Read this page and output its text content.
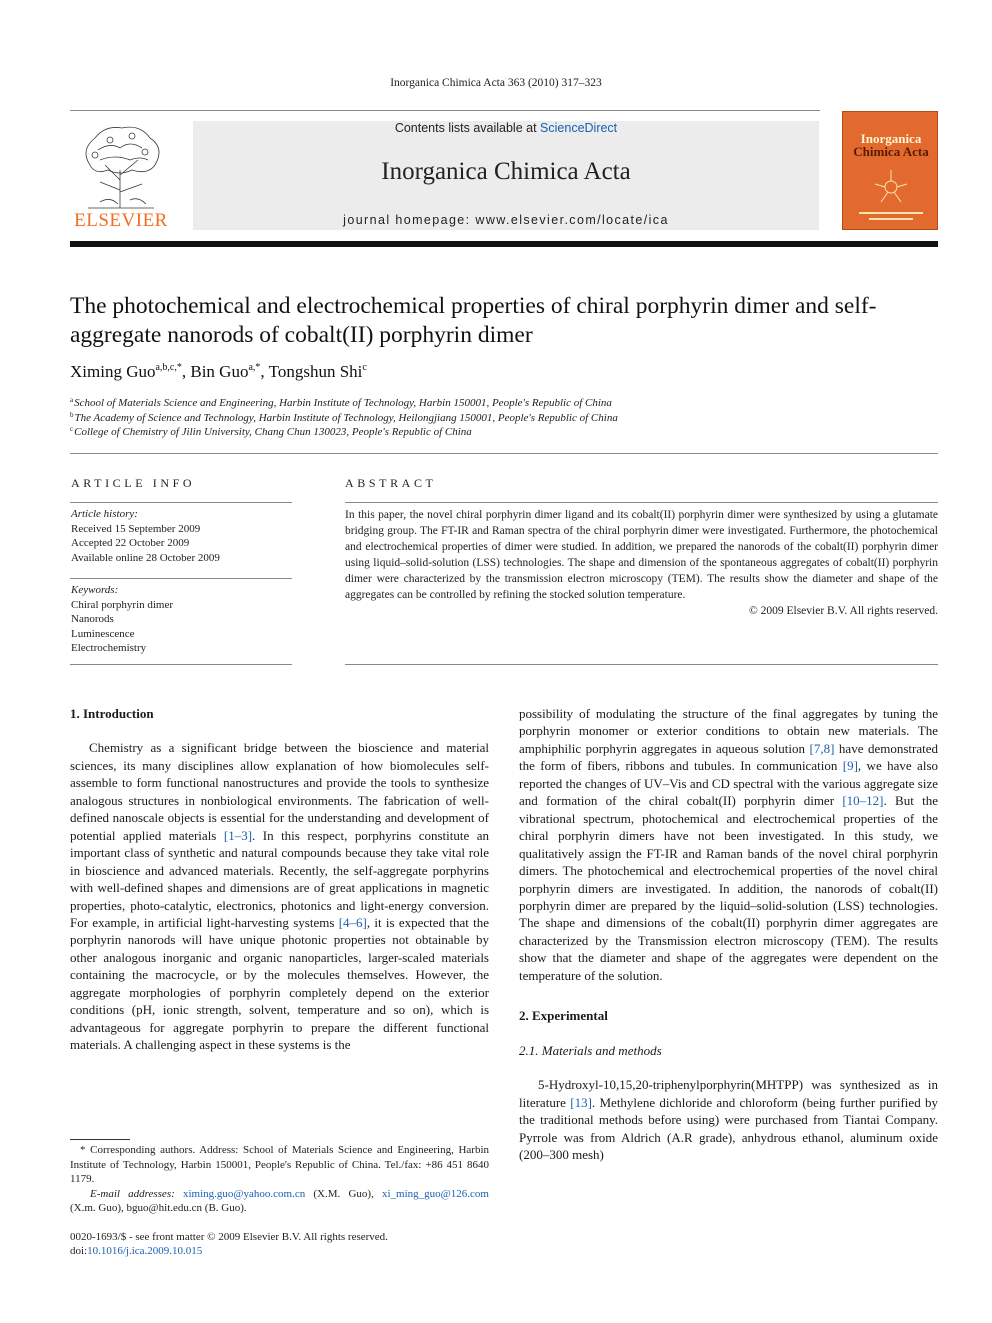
Inorganica Chimica Acta 363 (2010) 317–323
ELSEVIER
Contents lists available at ScienceDirect
Inorganica Chimica Acta
journal homepage: www.elsevier.com/locate/ica
Inorganica
Chimica Acta
The photochemical and electrochemical properties of chiral porphyrin dimer and self-aggregate nanorods of cobalt(II) porphyrin dimer
Ximing Guo$^{a,b,c,*}$, Bin Guo$^{a,*}$, Tongshun Shi$^c$
$^a$School of Materials Science and Engineering, Harbin Institute of Technology, Harbin 150001, People's Republic of China
$^b$The Academy of Science and Technology, Harbin Institute of Technology, Heilongjiang 150001, People's Republic of China
$^c$College of Chemistry of Jilin University, Chang Chun 130023, People's Republic of China
ARTICLE INFO	ABSTRACT
Article history:
Received 15 September 2009
Accepted 22 October 2009
Available online 28 October 2009
Keywords:
Chiral porphyrin dimer
Nanorods
Luminescence
Electrochemistry
In this paper, the novel chiral porphyrin dimer ligand and its cobalt(II) porphyrin dimer were synthesized by using a glutamate bridging group. The FT-IR and Raman spectra of the chiral porphyrin dimer were investigated. Furthermore, the photochemical and electrochemical properties of dimer were studied. In addition, we prepared the nanorods of the cobalt(II) porphyrin dimer using liquid–solid-solution (LSS) technologies. The shape and dimension of the spontaneous aggregates of cobalt(II) porphyrin dimer were characterized by the transmission electron microscopy (TEM). The results show the diameter and shape of the aggregates can be controlled by refining the stocked solution temperature.
© 2009 Elsevier B.V. All rights reserved.
1. Introduction

Chemistry as a significant bridge between the bioscience and material sciences, its many disciplines allow explanation of how biomolecules self-assemble to form functional nanostructures and provide the tools to synthesize analogous structures in nonbiological environments. The fabrication of well-defined nanoscale objects is essential for the understanding and development of potential applied materials [1–3]. In this respect, porphyrins constitute an important class of synthetic and natural compounds because they take vital role in bioscience and advanced materials. Recently, the self-aggregate porphyrins with well-defined shapes and dimensions are of great applications in magnetic properties, photo-catalytic, electronics, photonics and light-energy conversion. For example, in artificial light-harvesting systems [4–6], it is expected that the porphyrin nanorods will have unique photonic properties not obtainable by other analogous inorganic and organic nanoparticles, larger-scaled materials containing the macrocycle, or by the molecules themselves. However, the aggregate morphologies of porphyrin completely depend on the exterior conditions (pH, ionic strength, solvent, temperature and so on), which is advantageous for aggregate porphyrin to prepare the different functional materials. A challenging aspect in these systems is the

possibility of modulating the structure of the final aggregates by tuning the porphyrin monomer or exterior conditions to obtain new materials. The amphiphilic porphyrin aggregates in aqueous solution [7,8] have demonstrated the form of fibers, ribbons and tubules. In communication [9], we have also reported the changes of UV–Vis and CD spectral with the various aggregate size and formation of the chiral cobalt(II) porphyrin dimer [10–12]. But the vibrational spectrum, photochemical and electrochemical properties of the chiral porphyrin dimers have not been investigated. In this study, we qualitatively assign the FT-IR and Raman bands of the novel chiral porphyrin dimers. The photochemical and electrochemical properties of the novel chiral porphyrin dimers are investigated. In addition, the nanorods of cobalt(II) porphyrin dimer are prepared by the liquid–solid-solution (LSS) technologies. The shape and dimensions of the cobalt(II) porphyrin dimer aggregates are characterized by the Transmission electron microscopy (TEM). The results show that the diameter and shape of the aggregates were dependent on the temperature of the solution.

2. Experimental
2.1. Materials and methods

5-Hydroxyl-10,15,20-triphenylporphyrin(MHTPP) was synthesized as in literature [13]. Methylene dichloride and chloroform (being further purified by the traditional methods before using) were purchased from Tiantai Company. Pyrrole was from Aldrich (A.R grade), anhydrous ethanol, aluminum oxide (200–300 mesh)

* Corresponding authors. Address: School of Materials Science and Engineering, Harbin Institute of Technology, Harbin 150001, People's Republic of China. Tel./fax: +86 451 8640 1179.
E-mail addresses: ximing.guo@yahoo.com.cn (X.M. Guo), xi_ming_guo@126.com (X.m. Guo), bguo@hit.edu.cn (B. Guo).
0020-1693/$ - see front matter © 2009 Elsevier B.V. All rights reserved.
doi:10.1016/j.ica.2009.10.015
